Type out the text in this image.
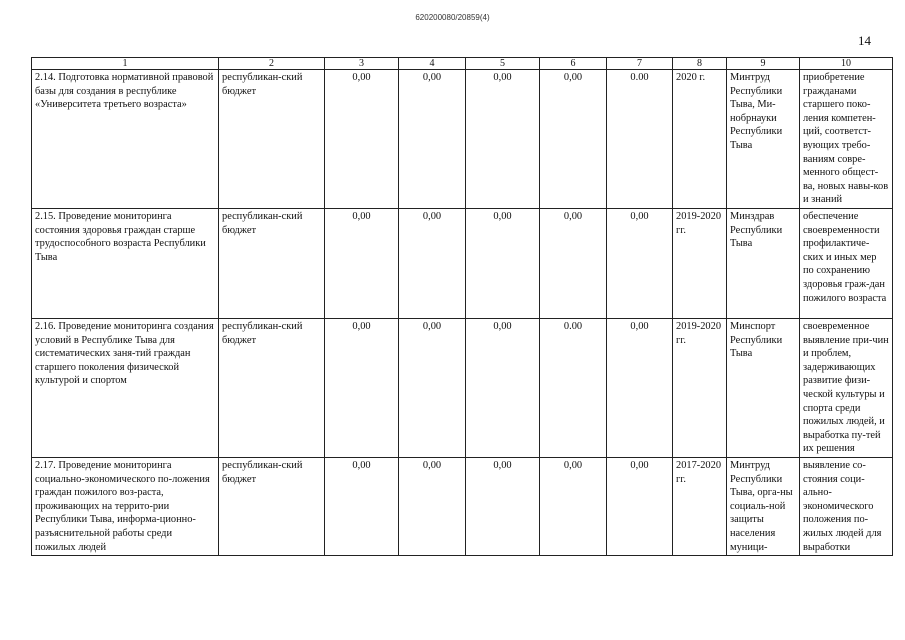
620200080/20859(4)
14
1	2	3	4	5	6	7	8	9	10
2.14. Подготовка нормативной правовой базы для создания в республике «Университета третьего возраста»	республикан-ский бюджет	0,00	0,00	0,00	0,00	0.00	2020 г.	Минтруд Республики Тыва, Ми-нобрнауки Республики Тыва	приобретение гражданами старшего поко-ления компетен-ций, соответст-вующих требо-ваниям совре-менного общест-ва, новых навы-ков и знаний
2.15. Проведение мониторинга состояния здоровья граждан старше трудоспособного возраста Республики Тыва	республикан-ский бюджет	0,00	0,00	0,00	0,00	0,00	2019-2020 гг.	Минздрав Республики Тыва	обеспечение своевременности профилактиче-ских и иных мер по сохранению здоровья граж-дан пожилого возраста
2.16. Проведение мониторинга создания условий в Республике Тыва для систематических заня-тий граждан старшего поколения физической культурой и спортом	республикан-ский бюджет	0,00	0,00	0,00	0.00	0,00	2019-2020 гг.	Минспорт Республики Тыва	своевременное выявление при-чин и проблем, задерживающих развитие физи-ческой культуры и спорта среди пожилых людей, и выработка пу-тей их решения
2.17. Проведение мониторинга социально-экономического по-ложения граждан пожилого воз-раста, проживающих на террито-рии Республики Тыва, информа-ционно-разъяснительной работы среди пожилых людей	республикан-ский бюджет	0,00	0,00	0,00	0,00	0,00	2017-2020 гг.	Минтруд Республики Тыва, орга-ны социаль-ной защиты населения муници-	выявление со-стояния соци-ально-экономического положения по-жилых людей для выработки
